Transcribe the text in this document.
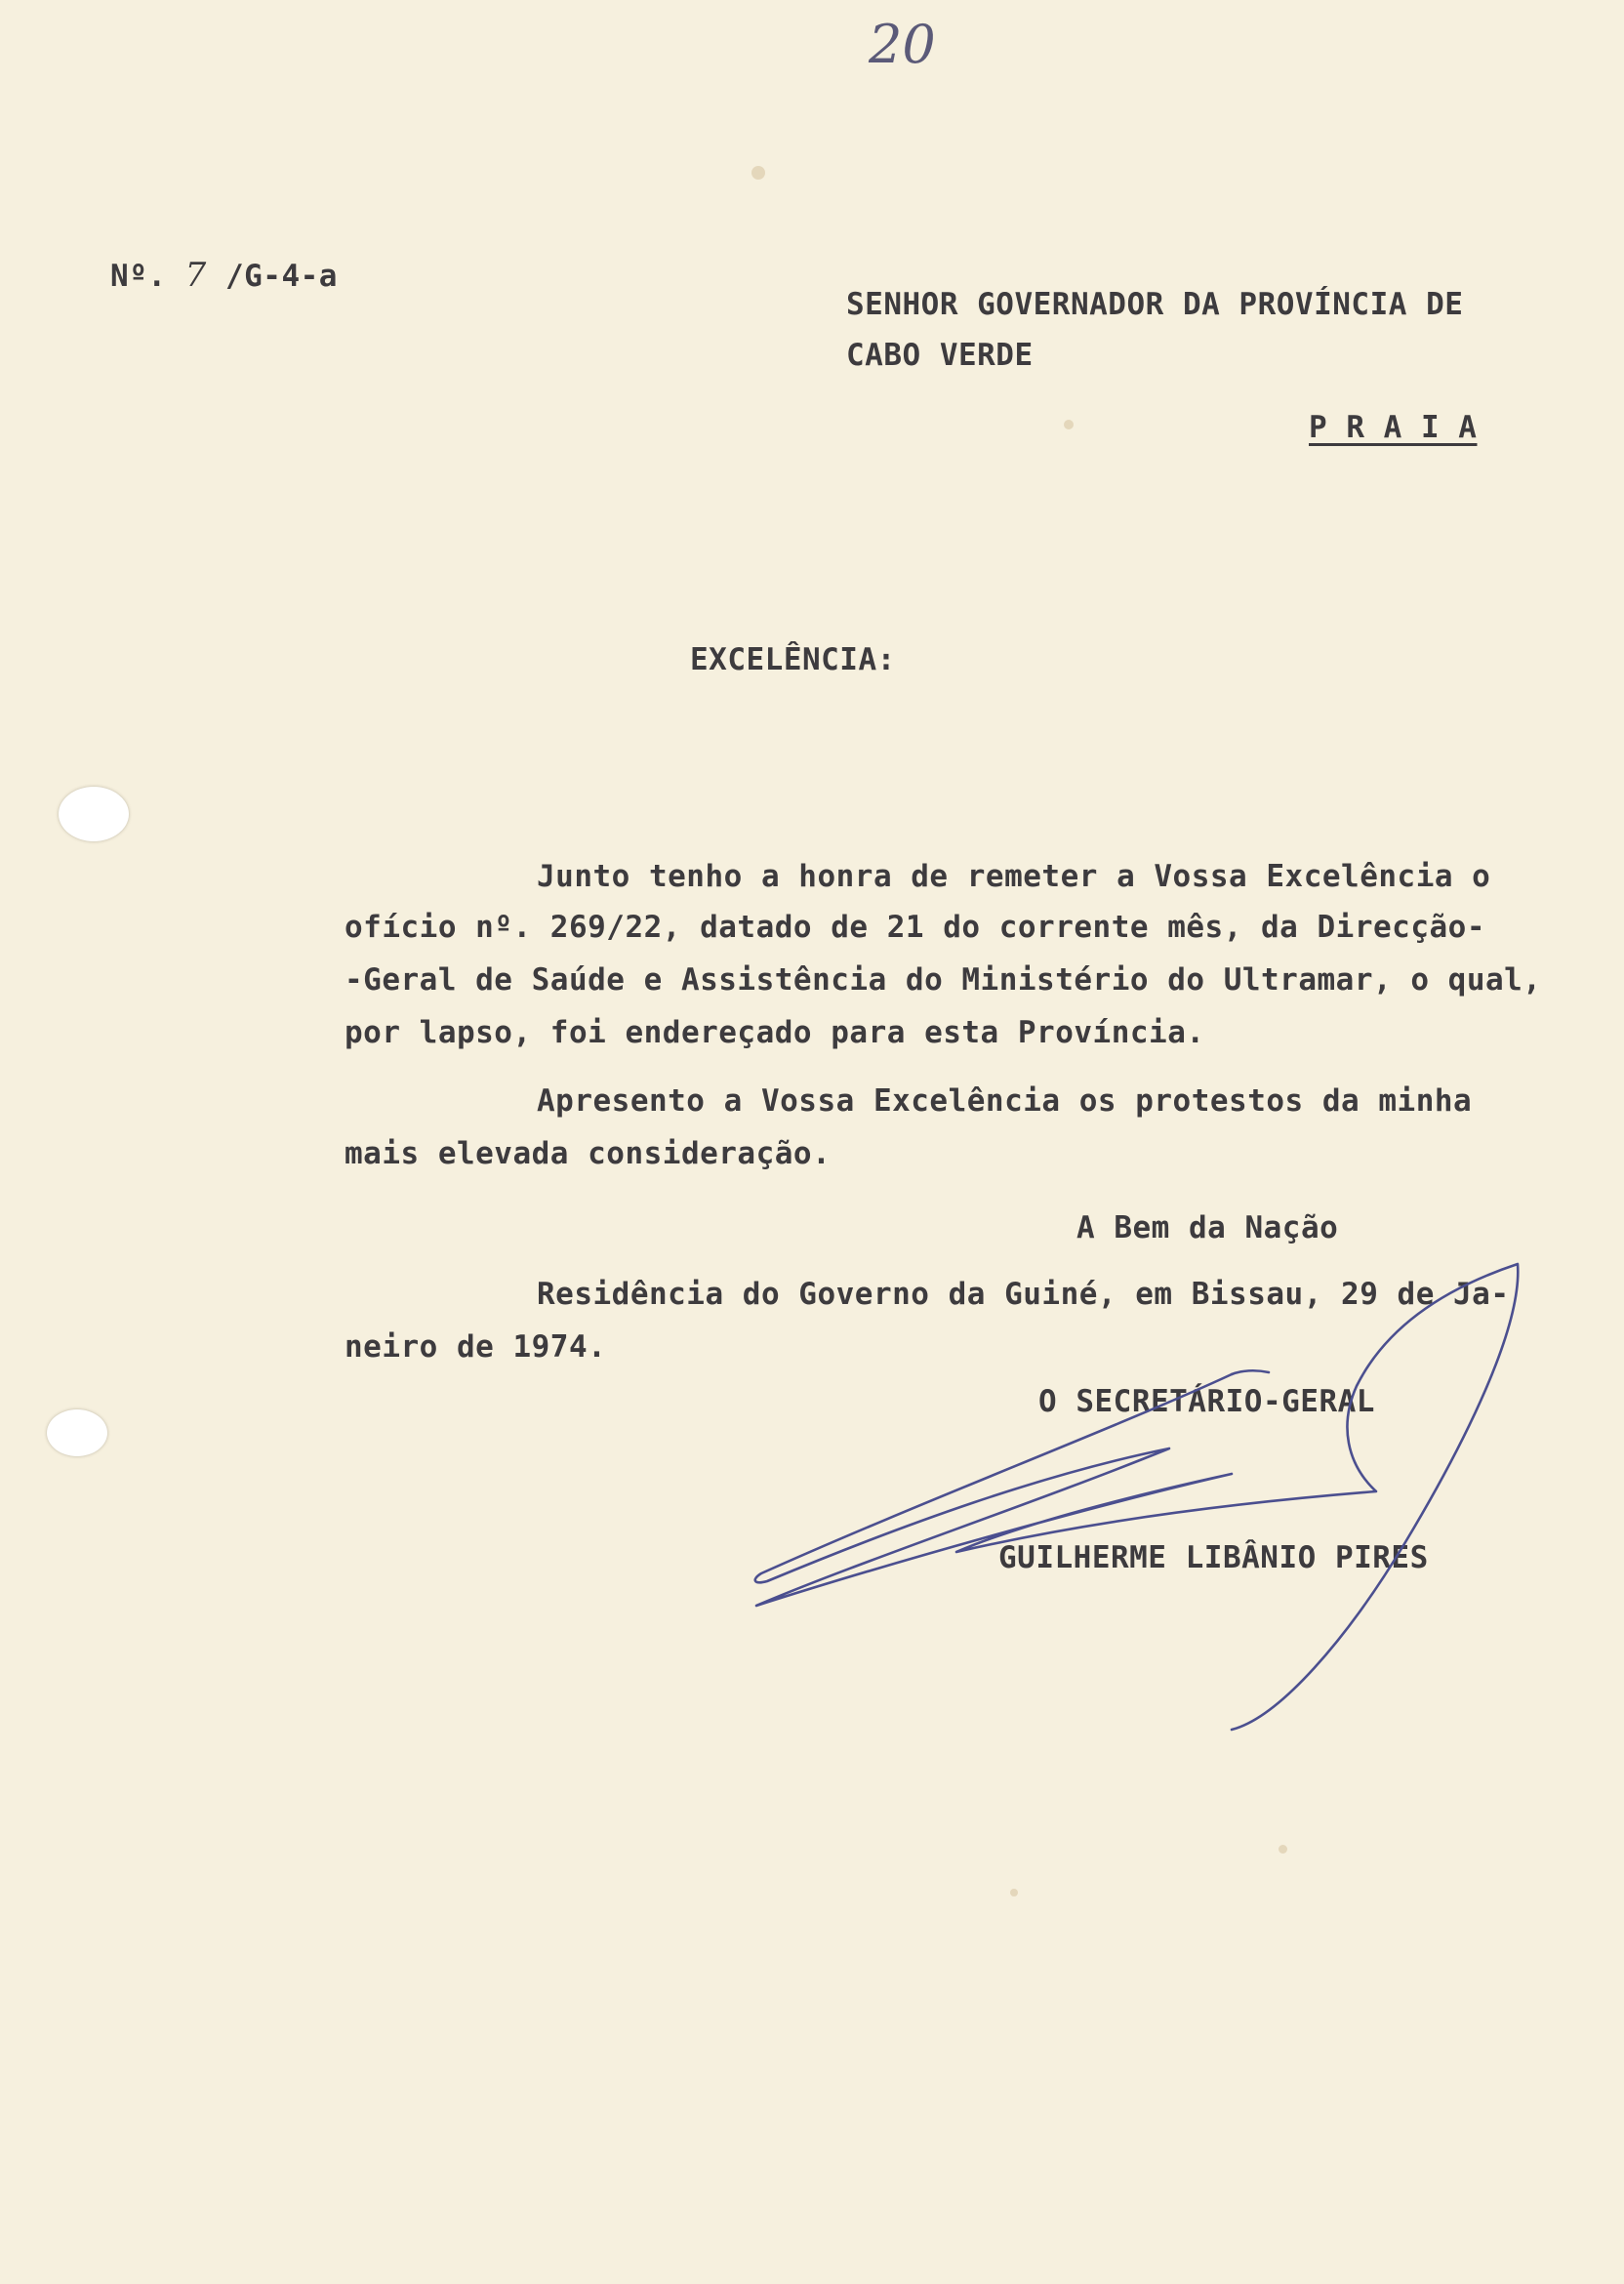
20
Nº. 7 /G-4-a
SENHOR GOVERNADOR DA PROVÍNCIA DE
CABO VERDE
P R A I A
EXCELÊNCIA:
Junto tenho a honra de remeter a Vossa Excelência o
ofício nº. 269/22, datado de 21 do corrente mês, da Direcção-
-Geral de Saúde e Assistência do Ministério do Ultramar, o qual,
por lapso, foi endereçado para esta Província.
Apresento a Vossa Excelência os protestos da minha
mais elevada consideração.
A Bem da Nação
Residência do Governo da Guiné, em Bissau, 29 de Ja-
neiro de 1974.
O SECRETÁRIO-GERAL
GUILHERME LIBÂNIO PIRES
